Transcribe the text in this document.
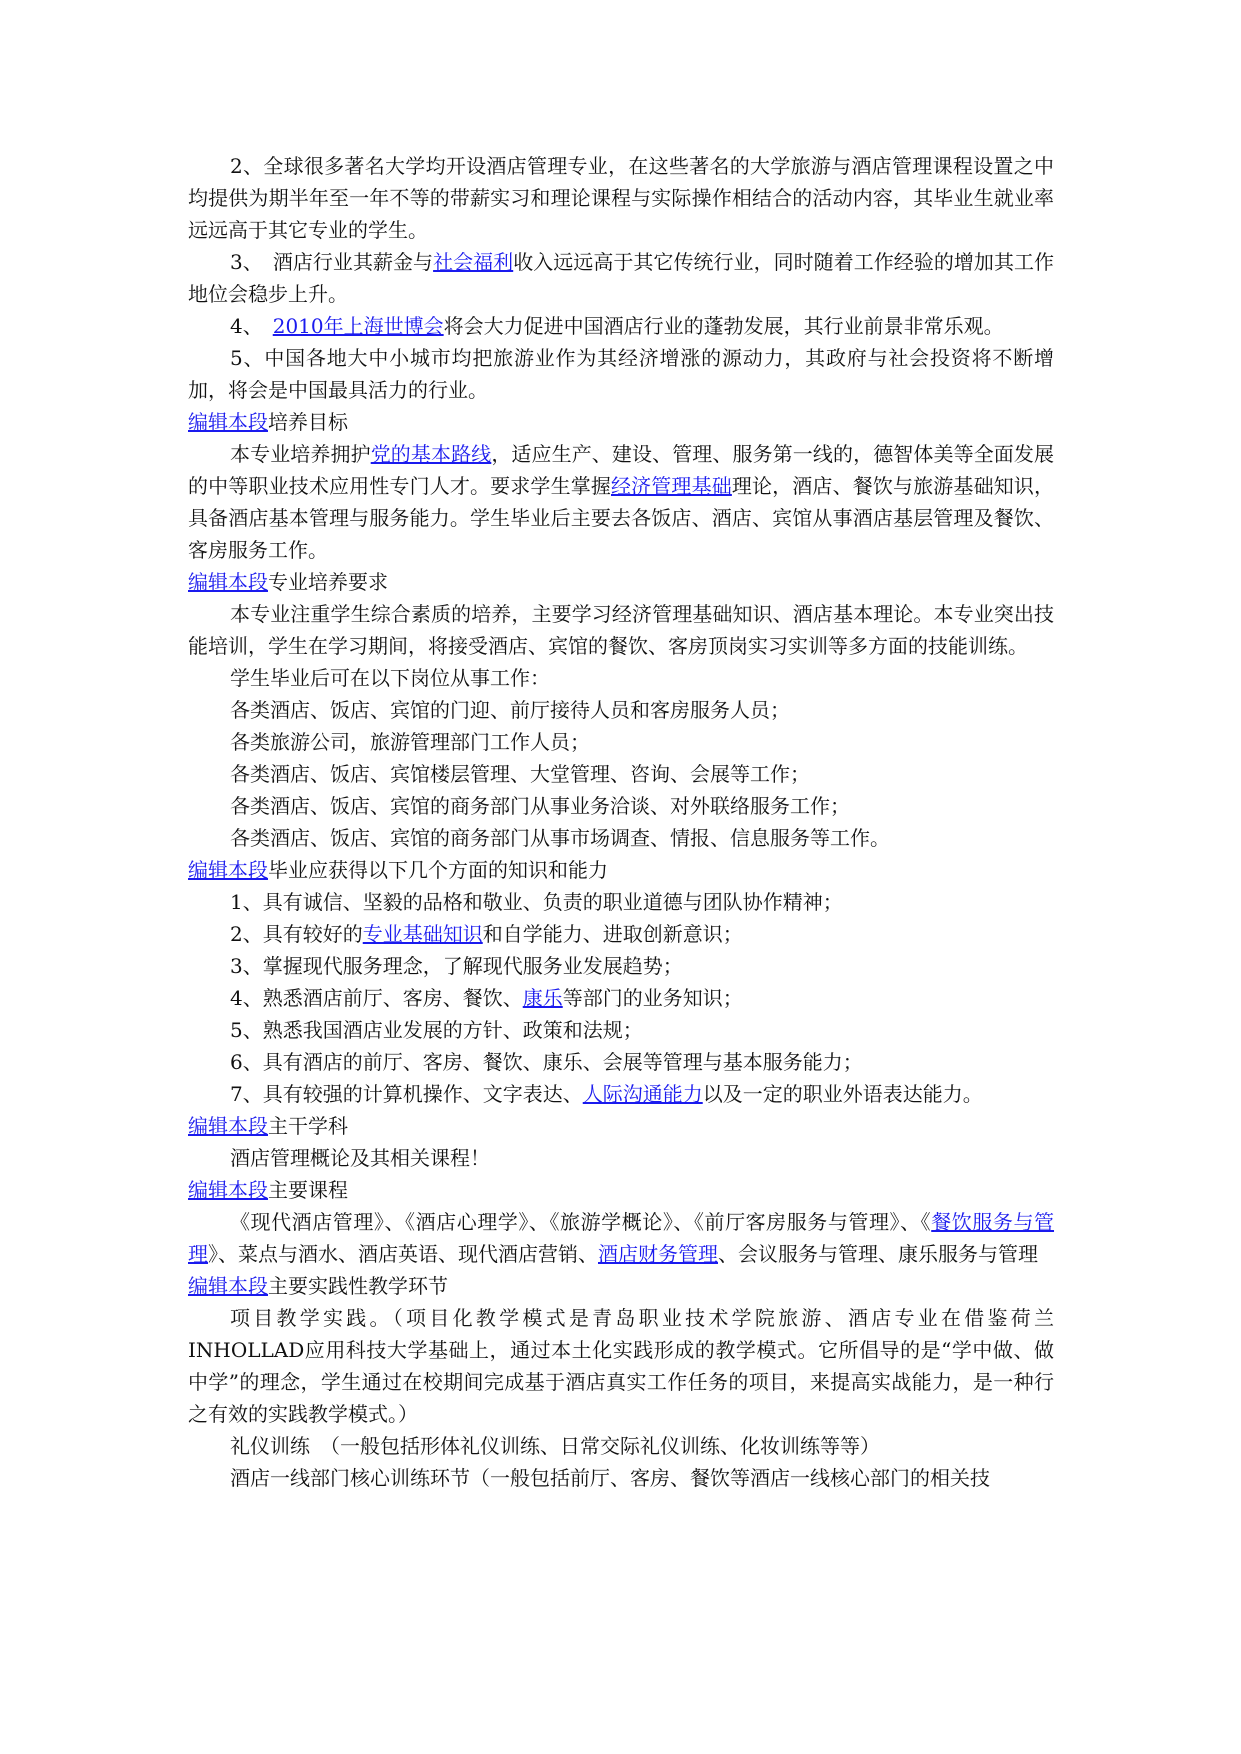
2、全球很多著名大学均开设酒店管理专业，在这些著名的大学旅游与酒店管理课程设置之中均提供为期半年至一年不等的带薪实习和理论课程与实际操作相结合的活动内容，其毕业生就业率远远高于其它专业的学生。

3、　酒店行业其薪金与社会福利收入远远高于其它传统行业，同时随着工作经验的增加其工作地位会稳步上升。

4、　2010年上海世博会将会大力促进中国酒店行业的蓬勃发展，其行业前景非常乐观。

5、中国各地大中小城市均把旅游业作为其经济增涨的源动力，其政府与社会投资将不断增加，将会是中国最具活力的行业。

编辑本段培养目标

本专业培养拥护党的基本路线，适应生产、建设、管理、服务第一线的，德智体美等全面发展的中等职业技术应用性专门人才。要求学生掌握经济管理基础理论，酒店、餐饮与旅游基础知识，具备酒店基本管理与服务能力。学生毕业后主要去各饭店、酒店、宾馆从事酒店基层管理及餐饮、客房服务工作。

编辑本段专业培养要求

本专业注重学生综合素质的培养，主要学习经济管理基础知识、酒店基本理论。本专业突出技能培训，学生在学习期间，将接受酒店、宾馆的餐饮、客房顶岗实习实训等多方面的技能训练。

学生毕业后可在以下岗位从事工作：

各类酒店、饭店、宾馆的门迎、前厅接待人员和客房服务人员；

各类旅游公司，旅游管理部门工作人员；

各类酒店、饭店、宾馆楼层管理、大堂管理、咨询、会展等工作；

各类酒店、饭店、宾馆的商务部门从事业务洽谈、对外联络服务工作；

各类酒店、饭店、宾馆的商务部门从事市场调查、情报、信息服务等工作。

编辑本段毕业应获得以下几个方面的知识和能力

1、具有诚信、坚毅的品格和敬业、负责的职业道德与团队协作精神；

2、具有较好的专业基础知识和自学能力、进取创新意识；

3、掌握现代服务理念，了解现代服务业发展趋势；

4、熟悉酒店前厅、客房、餐饮、康乐等部门的业务知识；

5、熟悉我国酒店业发展的方针、政策和法规；

6、具有酒店的前厅、客房、餐饮、康乐、会展等管理与基本服务能力；

7、具有较强的计算机操作、文字表达、人际沟通能力以及一定的职业外语表达能力。

编辑本段主干学科

酒店管理概论及其相关课程！

编辑本段主要课程

《现代酒店管理》、《酒店心理学》、《旅游学概论》、《前厅客房服务与管理》、《餐饮服务与管理》、菜点与酒水、酒店英语、现代酒店营销、酒店财务管理、会议服务与管理、康乐服务与管理

编辑本段主要实践性教学环节

项目教学实践。（项目化教学模式是青岛职业技术学院旅游、酒店专业在借鉴荷兰INHOLLAD应用科技大学基础上，通过本土化实践形成的教学模式。它所倡导的是“学中做、做中学”的理念，学生通过在校期间完成基于酒店真实工作任务的项目，来提高实战能力，是一种行之有效的实践教学模式。）

礼仪训练　（一般包括形体礼仪训练、日常交际礼仪训练、化妆训练等等）

酒店一线部门核心训练环节（一般包括前厅、客房、餐饮等酒店一线核心部门的相关技
